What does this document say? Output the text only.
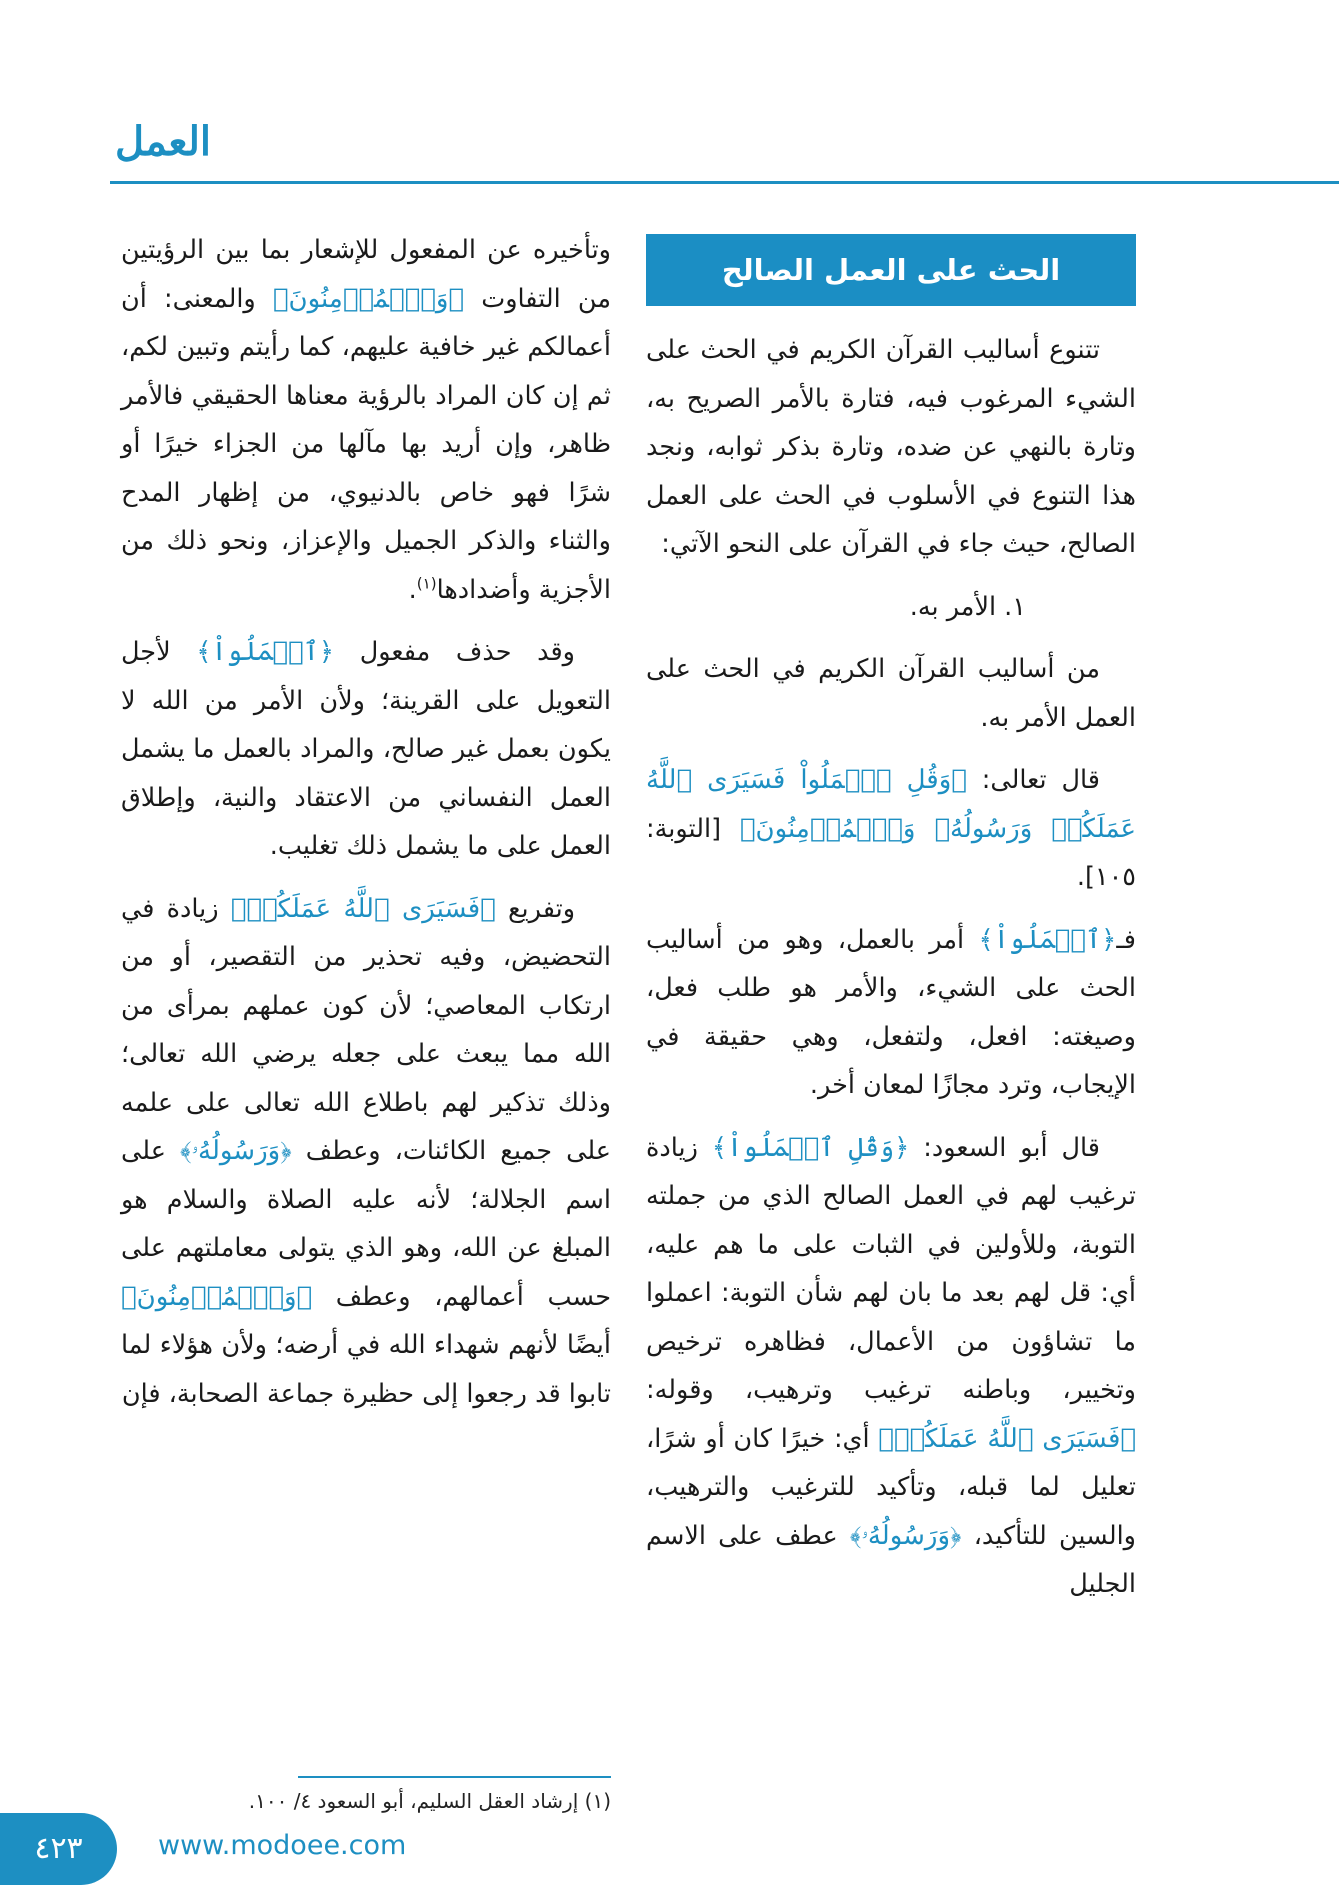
العمل
الحث على العمل الصالح

تتنوع أساليب القرآن الكريم في الحث على الشيء المرغوب فيه، فتارة بالأمر الصريح به، وتارة بالنهي عن ضده، وتارة بذكر ثوابه، ونجد هذا التنوع في الأسلوب في الحث على العمل الصالح، حيث جاء في القرآن على النحو الآتي:

١. الأمر به.

من أساليب القرآن الكريم في الحث على العمل الأمر به.

قال تعالى: ﴿وَقُلِ ٱعۡمَلُواْ فَسَيَرَى ٱللَّهُ عَمَلَكُمۡ وَرَسُولُهُۥ وَٱلۡمُؤۡمِنُونَ﴾ [التوبة: ١٠٥].

فـ﴿ٱعۡمَلُواْ﴾ أمر بالعمل، وهو من أساليب الحث على الشيء، والأمر هو طلب فعل، وصيغته: افعل، ولتفعل، وهي حقيقة في الإيجاب، وترد مجازًا لمعان أخر.

قال أبو السعود: ﴿وَقُلِ ٱعۡمَلُواْ﴾ زيادة ترغيب لهم في العمل الصالح الذي من جملته التوبة، وللأولين في الثبات على ما هم عليه، أي: قل لهم بعد ما بان لهم شأن التوبة: اعملوا ما تشاؤون من الأعمال، فظاهره ترخيص وتخيير، وباطنه ترغيب وترهيب، وقوله: ﴿فَسَيَرَى ٱللَّهُ عَمَلَكُمۡ﴾ أي: خيرًا كان أو شرًا، تعليل لما قبله، وتأكيد للترغيب والترهيب، والسين للتأكيد، ﴿وَرَسُولُهُۥ﴾ عطف على الاسم الجليل

وتأخيره عن المفعول للإشعار بما بين الرؤيتين من التفاوت ﴿وَٱلۡمُؤۡمِنُونَ﴾ والمعنى: أن أعمالكم غير خافية عليهم، كما رأيتم وتبين لكم، ثم إن كان المراد بالرؤية معناها الحقيقي فالأمر ظاهر، وإن أريد بها مآلها من الجزاء خيرًا أو شرًا فهو خاص بالدنيوي، من إظهار المدح والثناء والذكر الجميل والإعزاز، ونحو ذلك من الأجزية وأضدادها$^{(١)}$.

وقد حذف مفعول ﴿ٱعۡمَلُواْ﴾ لأجل التعويل على القرينة؛ ولأن الأمر من الله لا يكون بعمل غير صالح، والمراد بالعمل ما يشمل العمل النفساني من الاعتقاد والنية، وإطلاق العمل على ما يشمل ذلك تغليب.

وتفريع ﴿فَسَيَرَى ٱللَّهُ عَمَلَكُمۡ﴾ زيادة في التحضيض، وفيه تحذير من التقصير، أو من ارتكاب المعاصي؛ لأن كون عملهم بمرأى من الله مما يبعث على جعله يرضي الله تعالى؛ وذلك تذكير لهم باطلاع الله تعالى على علمه على جميع الكائنات، وعطف ﴿وَرَسُولُهُۥ﴾ على اسم الجلالة؛ لأنه عليه الصلاة والسلام هو المبلغ عن الله، وهو الذي يتولى معاملتهم على حسب أعمالهم، وعطف ﴿وَٱلۡمُؤۡمِنُونَ﴾ أيضًا لأنهم شهداء الله في أرضه؛ ولأن هؤلاء لما تابوا قد رجعوا إلى حظيرة جماعة الصحابة، فإن

(١) إرشاد العقل السليم، أبو السعود ٤/ ١٠٠.
٤٢٣	www.modoee.com
